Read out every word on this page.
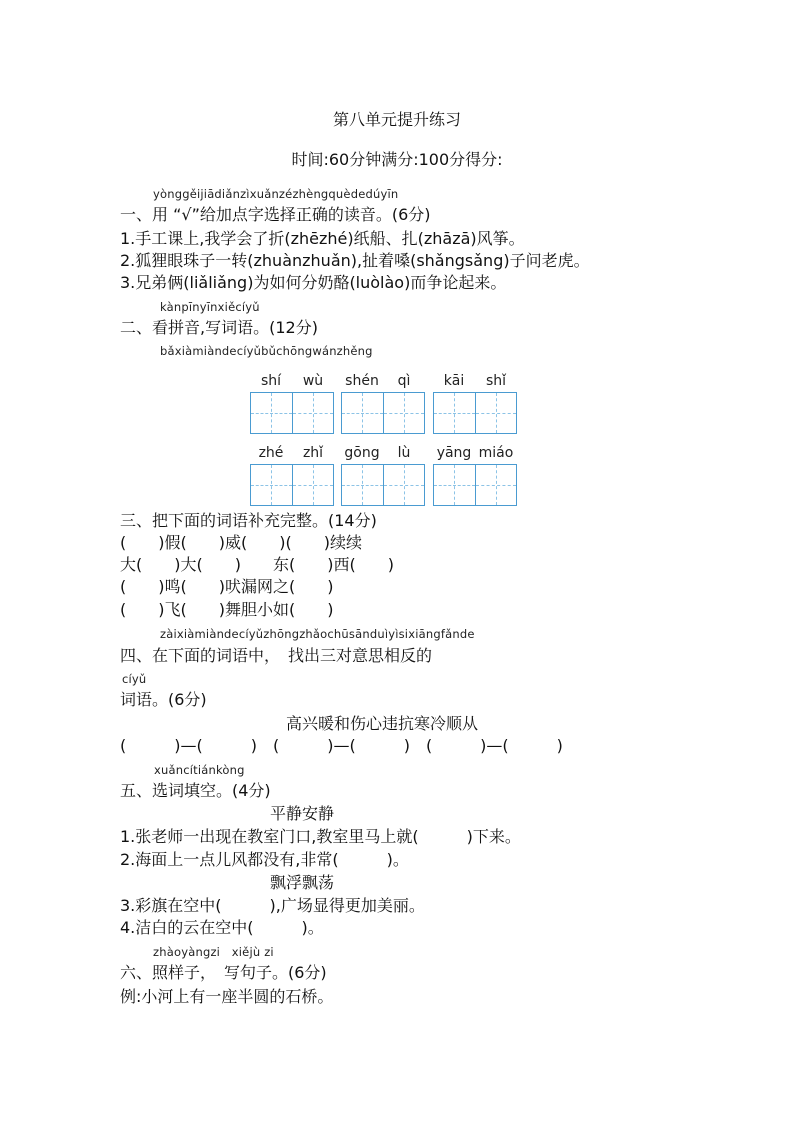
第八单元提升练习
时间:60分钟满分:100分得分:
yònggěijiādiǎnzìxuǎnzézhèngquèdedúyīn
一、用 “√”给加点字选择正确的读音。(6分)
1.手工课上,我学会了折(zhēzhé)纸船、扎(zhāzā)风筝。
2.狐狸眼珠子一转(zhuànzhuǎn),扯着嗓(shǎngsǎng)子问老虎。
3.兄弟俩(liǎliǎng)为如何分奶酪(luòlào)而争论起来。
kànpīnyīnxiěcíyǔ
二、看拼音,写词语。(12分)
bǎxiàmiàndecíyǔbǔchōngwánzhěng
shí	wù	shén	qì	kāi	shǐ
zhé	zhǐ	gōng	lù	yāng miáo
三、把下面的词语补充完整。(14分)
(　　)假(　　)威(　　)(　　)续续
大(　　)大(　　)　　东(　　)西(　　)
(　　)鸣(　　)吠漏网之(　　)
(　　)飞(　　)舞胆小如(　　)
zàixiàmiàndecíyǔzhōngzhǎochūsānduìyìsixiāngfǎnde
四、在下面的词语中，　找出三对意思相反的
cíyǔ
词语。(6分)
高兴暖和伤心违抗寒冷顺从
(　　　)—(　　　)　(　　　)—(　　　)　(　　　)—(　　　)
xuǎncítiánkòng
五、选词填空。(4分)
平静安静
1.张老师一出现在教室门口,教室里马上就(　　　)下来。
2.海面上一点儿风都没有,非常(　　　)。
飘浮飘荡
3.彩旗在空中(　　　),广场显得更加美丽。
4.洁白的云在空中(　　　)。
zhàoyàngzi　xiějù zi
六、照样子，　写句子。(6分)
例:小河上有一座半圆的石桥。
